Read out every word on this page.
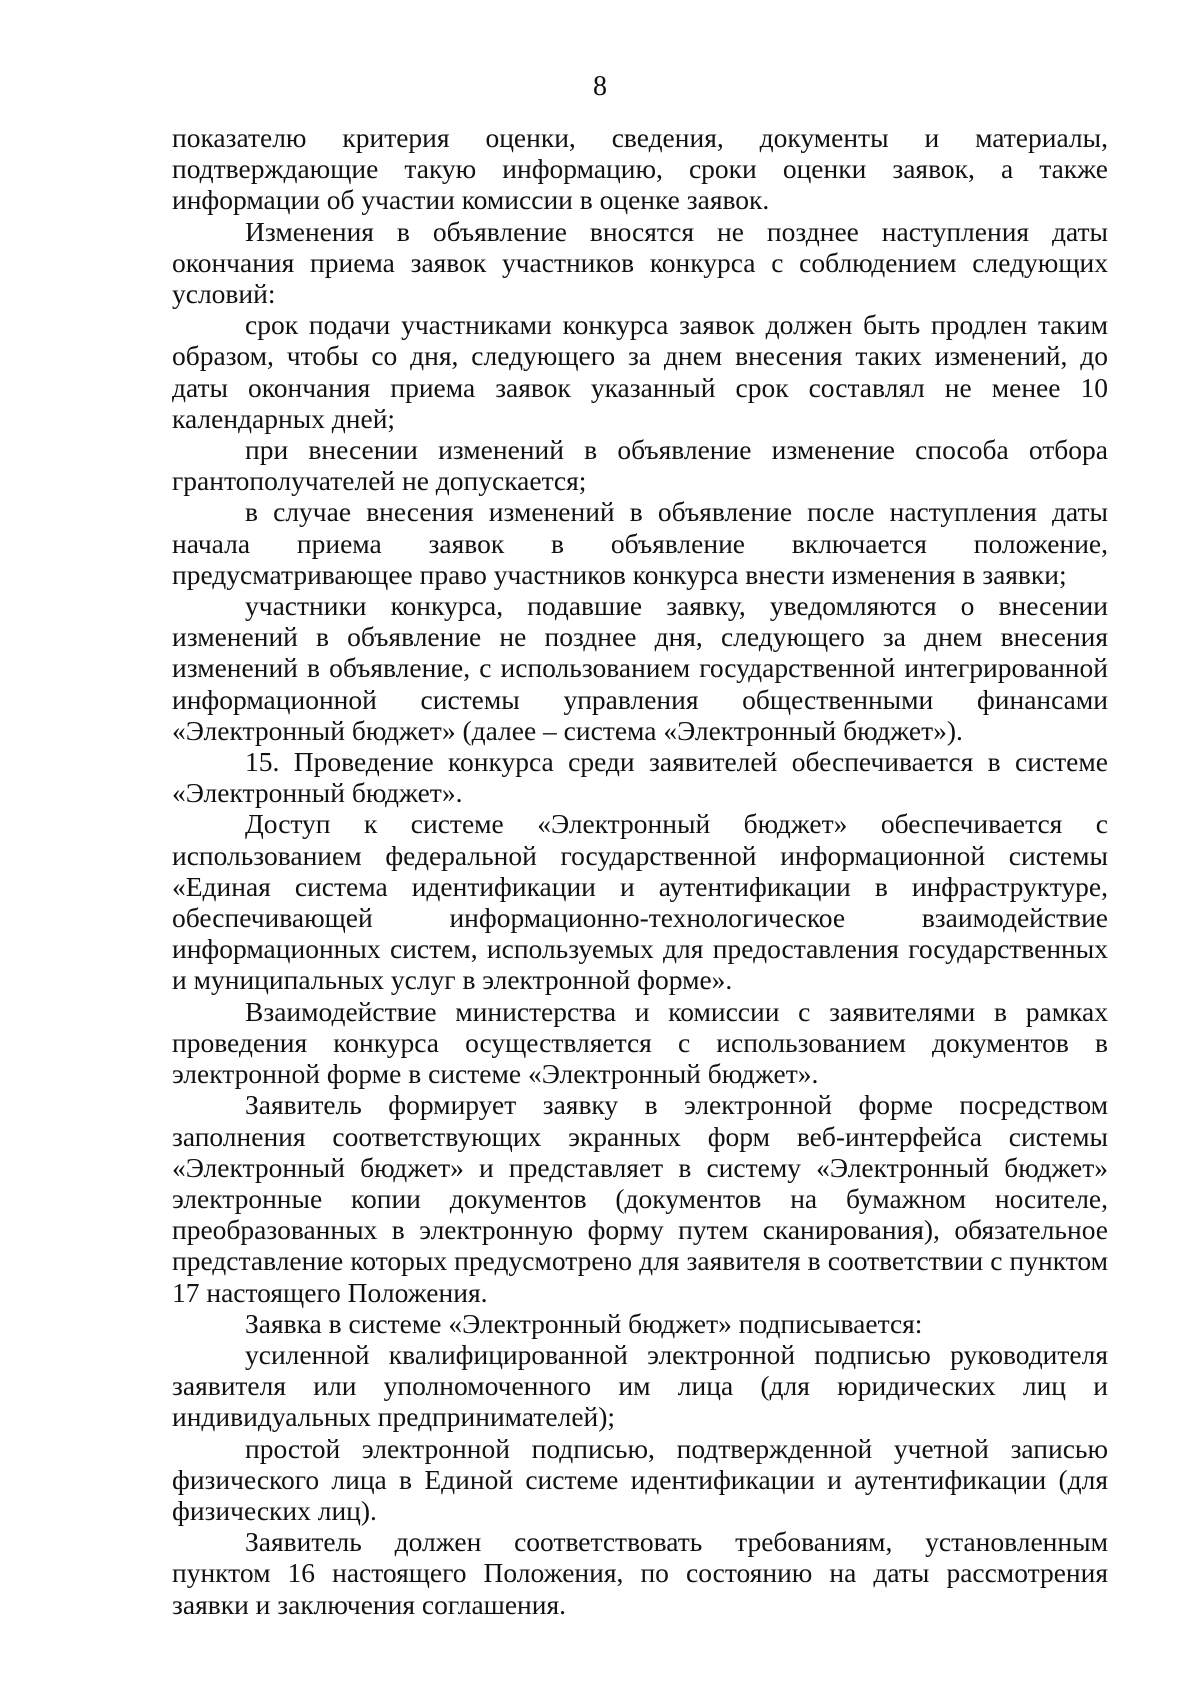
8

показателю критерия оценки, сведения, документы и материалы, подтверждающие такую информацию, сроки оценки заявок, а также информации об участии комиссии в оценке заявок.

Изменения в объявление вносятся не позднее наступления даты окончания приема заявок участников конкурса с соблюдением следующих условий:

срок подачи участниками конкурса заявок должен быть продлен таким образом, чтобы со дня, следующего за днем внесения таких изменений, до даты окончания приема заявок указанный срок составлял не менее 10 календарных дней;

при внесении изменений в объявление изменение способа отбора грантополучателей не допускается;

в случае внесения изменений в объявление после наступления даты начала приема заявок в объявление включается положение, предусматривающее право участников конкурса внести изменения в заявки;

участники конкурса, подавшие заявку, уведомляются о внесении изменений в объявление не позднее дня, следующего за днем внесения изменений в объявление, с использованием государственной интегрированной информационной системы управления общественными финансами «Электронный бюджет» (далее – система «Электронный бюджет»).

15. Проведение конкурса среди заявителей обеспечивается в системе «Электронный бюджет».

Доступ к системе «Электронный бюджет» обеспечивается с использованием федеральной государственной информационной системы «Единая система идентификации и аутентификации в инфраструктуре, обеспечивающей информационно-технологическое взаимодействие информационных систем, используемых для предоставления государственных и муниципальных услуг в электронной форме».

Взаимодействие министерства и комиссии с заявителями в рамках проведения конкурса осуществляется с использованием документов в электронной форме в системе «Электронный бюджет».

Заявитель формирует заявку в электронной форме посредством заполнения соответствующих экранных форм веб-интерфейса системы «Электронный бюджет» и представляет в систему «Электронный бюджет» электронные копии документов (документов на бумажном носителе, преобразованных в электронную форму путем сканирования), обязательное представление которых предусмотрено для заявителя в соответствии с пунктом 17 настоящего Положения.

Заявка в системе «Электронный бюджет» подписывается:

усиленной квалифицированной электронной подписью руководителя заявителя или уполномоченного им лица (для юридических лиц и индивидуальных предпринимателей);

простой электронной подписью, подтвержденной учетной записью физического лица в Единой системе идентификации и аутентификации (для физических лиц).

Заявитель должен соответствовать требованиям, установленным пунктом 16 настоящего Положения, по состоянию на даты рассмотрения заявки и заключения соглашения.
